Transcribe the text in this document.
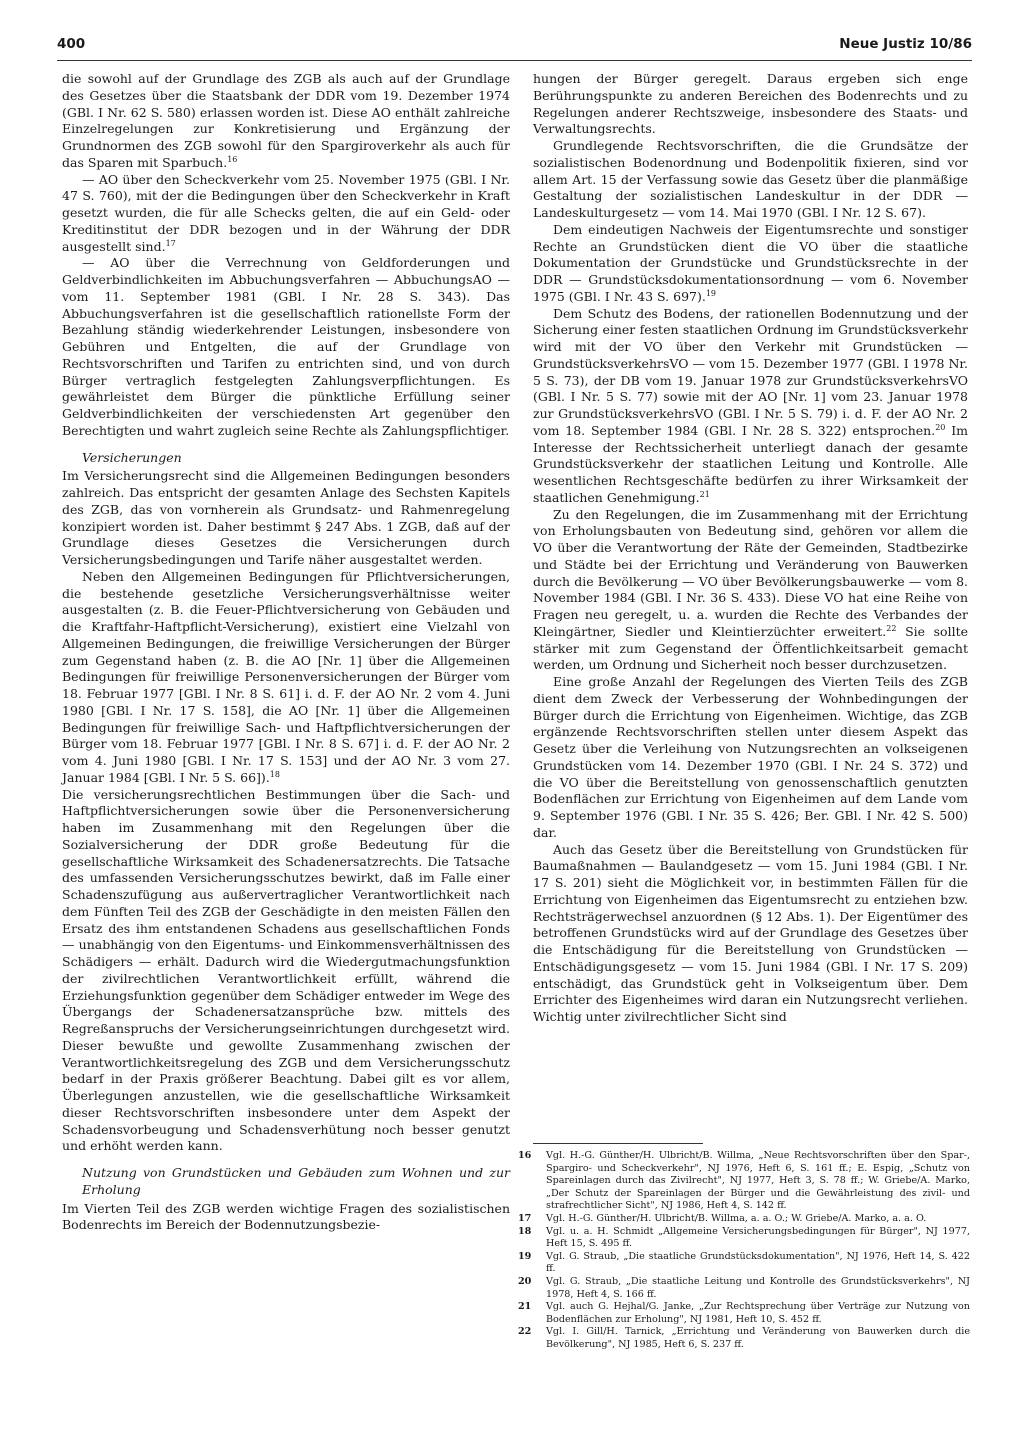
400	Neue Justiz 10/86

die sowohl auf der Grundlage des ZGB als auch auf der Grundlage des Gesetzes über die Staatsbank der DDR vom 19. Dezember 1974 (GBl. I Nr. 62 S. 580) erlassen worden ist. Diese AO enthält zahlreiche Einzelregelungen zur Konkretisierung und Ergänzung der Grundnormen des ZGB sowohl für den Spargiroverkehr als auch für das Sparen mit Sparbuch.$^{16}$

— AO über den Scheckverkehr vom 25. November 1975 (GBl. I Nr. 47 S. 760), mit der die Bedingungen über den Scheckverkehr in Kraft gesetzt wurden, die für alle Schecks gelten, die auf ein Geld- oder Kreditinstitut der DDR bezogen und in der Währung der DDR ausgestellt sind.$^{17}$

— AO über die Verrechnung von Geldforderungen und Geldverbindlichkeiten im Abbuchungsverfahren — AbbuchungsAO — vom 11. September 1981 (GBl. I Nr. 28 S. 343). Das Abbuchungsverfahren ist die gesellschaftlich rationellste Form der Bezahlung ständig wiederkehrender Leistungen, insbesondere von Gebühren und Entgelten, die auf der Grundlage von Rechtsvorschriften und Tarifen zu entrichten sind, und von durch Bürger vertraglich festgelegten Zahlungsverpflichtungen. Es gewährleistet dem Bürger die pünktliche Erfüllung seiner Geldverbindlichkeiten der verschiedensten Art gegenüber den Berechtigten und wahrt zugleich seine Rechte als Zahlungspflichtiger.

Versicherungen

Im Versicherungsrecht sind die Allgemeinen Bedingungen besonders zahlreich. Das entspricht der gesamten Anlage des Sechsten Kapitels des ZGB, das von vornherein als Grundsatz- und Rahmenregelung konzipiert worden ist. Daher bestimmt § 247 Abs. 1 ZGB, daß auf der Grundlage dieses Gesetzes die Versicherungen durch Versicherungsbedingungen und Tarife näher ausgestaltet werden.

Neben den Allgemeinen Bedingungen für Pflichtversicherungen, die bestehende gesetzliche Versicherungsverhältnisse weiter ausgestalten (z. B. die Feuer-Pflichtversicherung von Gebäuden und die Kraftfahr-Haftpflicht-Versicherung), existiert eine Vielzahl von Allgemeinen Bedingungen, die freiwillige Versicherungen der Bürger zum Gegenstand haben (z. B. die AO [Nr. 1] über die Allgemeinen Bedingungen für freiwillige Personenversicherungen der Bürger vom 18. Februar 1977 [GBl. I Nr. 8 S. 61] i. d. F. der AO Nr. 2 vom 4. Juni 1980 [GBl. I Nr. 17 S. 158], die AO [Nr. 1] über die Allgemeinen Bedingungen für freiwillige Sach- und Haftpflichtversicherungen der Bürger vom 18. Februar 1977 [GBl. I Nr. 8 S. 67] i. d. F. der AO Nr. 2 vom 4. Juni 1980 [GBl. I Nr. 17 S. 153] und der AO Nr. 3 vom 27. Januar 1984 [GBl. I Nr. 5 S. 66]).$^{18}$

Die versicherungsrechtlichen Bestimmungen über die Sach- und Haftpflichtversicherungen sowie über die Personenversicherung haben im Zusammenhang mit den Regelungen über die Sozialversicherung der DDR große Bedeutung für die gesellschaftliche Wirksamkeit des Schadenersatzrechts. Die Tatsache des umfassenden Versicherungsschutzes bewirkt, daß im Falle einer Schadenszufügung aus außervertraglicher Verantwortlichkeit nach dem Fünften Teil des ZGB der Geschädigte in den meisten Fällen den Ersatz des ihm entstandenen Schadens aus gesellschaftlichen Fonds — unabhängig von den Eigentums- und Einkommensverhältnissen des Schädigers — erhält. Dadurch wird die Wiedergutmachungsfunktion der zivilrechtlichen Verantwortlichkeit erfüllt, während die Erziehungsfunktion gegenüber dem Schädiger entweder im Wege des Übergangs der Schadenersatzansprüche bzw. mittels des Regreßanspruchs der Versicherungseinrichtungen durchgesetzt wird. Dieser bewußte und gewollte Zusammenhang zwischen der Verantwortlichkeitsregelung des ZGB und dem Versicherungsschutz bedarf in der Praxis größerer Beachtung. Dabei gilt es vor allem, Überlegungen anzustellen, wie die gesellschaftliche Wirksamkeit dieser Rechtsvorschriften insbesondere unter dem Aspekt der Schadensvorbeugung und Schadensverhütung noch besser genutzt und erhöht werden kann.

Nutzung von Grundstücken und Gebäuden zum Wohnen und zur Erholung

Im Vierten Teil des ZGB werden wichtige Fragen des sozialistischen Bodenrechts im Bereich der Bodennutzungsbezie-

hungen der Bürger geregelt. Daraus ergeben sich enge Berührungspunkte zu anderen Bereichen des Bodenrechts und zu Regelungen anderer Rechtszweige, insbesondere des Staats- und Verwaltungsrechts.

Grundlegende Rechtsvorschriften, die die Grundsätze der sozialistischen Bodenordnung und Bodenpolitik fixieren, sind vor allem Art. 15 der Verfassung sowie das Gesetz über die planmäßige Gestaltung der sozialistischen Landeskultur in der DDR — Landeskulturgesetz — vom 14. Mai 1970 (GBl. I Nr. 12 S. 67).

Dem eindeutigen Nachweis der Eigentumsrechte und sonstiger Rechte an Grundstücken dient die VO über die staatliche Dokumentation der Grundstücke und Grundstücksrechte in der DDR — Grundstücksdokumentationsordnung — vom 6. November 1975 (GBl. I Nr. 43 S. 697).$^{19}$

Dem Schutz des Bodens, der rationellen Bodennutzung und der Sicherung einer festen staatlichen Ordnung im Grundstücksverkehr wird mit der VO über den Verkehr mit Grundstücken — GrundstücksverkehrsVO — vom 15. Dezember 1977 (GBl. I 1978 Nr. 5 S. 73), der DB vom 19. Januar 1978 zur GrundstücksverkehrsVO (GBl. I Nr. 5 S. 77) sowie mit der AO [Nr. 1] vom 23. Januar 1978 zur GrundstücksverkehrsVO (GBl. I Nr. 5 S. 79) i. d. F. der AO Nr. 2 vom 18. September 1984 (GBl. I Nr. 28 S. 322) entsprochen.$^{20}$ Im Interesse der Rechtssicherheit unterliegt danach der gesamte Grundstücksverkehr der staatlichen Leitung und Kontrolle. Alle wesentlichen Rechtsgeschäfte bedürfen zu ihrer Wirksamkeit der staatlichen Genehmigung.$^{21}$

Zu den Regelungen, die im Zusammenhang mit der Errichtung von Erholungsbauten von Bedeutung sind, gehören vor allem die VO über die Verantwortung der Räte der Gemeinden, Stadtbezirke und Städte bei der Errichtung und Veränderung von Bauwerken durch die Bevölkerung — VO über Bevölkerungsbauwerke — vom 8. November 1984 (GBl. I Nr. 36 S. 433). Diese VO hat eine Reihe von Fragen neu geregelt, u. a. wurden die Rechte des Verbandes der Kleingärtner, Siedler und Kleintierzüchter erweitert.$^{22}$ Sie sollte stärker mit zum Gegenstand der Öffentlichkeitsarbeit gemacht werden, um Ordnung und Sicherheit noch besser durchzusetzen.

Eine große Anzahl der Regelungen des Vierten Teils des ZGB dient dem Zweck der Verbesserung der Wohnbedingungen der Bürger durch die Errichtung von Eigenheimen. Wichtige, das ZGB ergänzende Rechtsvorschriften stellen unter diesem Aspekt das Gesetz über die Verleihung von Nutzungsrechten an volkseigenen Grundstücken vom 14. Dezember 1970 (GBl. I Nr. 24 S. 372) und die VO über die Bereitstellung von genossenschaftlich genutzten Bodenflächen zur Errichtung von Eigenheimen auf dem Lande vom 9. September 1976 (GBl. I Nr. 35 S. 426; Ber. GBl. I Nr. 42 S. 500) dar.

Auch das Gesetz über die Bereitstellung von Grundstücken für Baumaßnahmen — Baulandgesetz — vom 15. Juni 1984 (GBl. I Nr. 17 S. 201) sieht die Möglichkeit vor, in bestimmten Fällen für die Errichtung von Eigenheimen das Eigentumsrecht zu entziehen bzw. Rechtsträgerwechsel anzuordnen (§ 12 Abs. 1). Der Eigentümer des betroffenen Grundstücks wird auf der Grundlage des Gesetzes über die Entschädigung für die Bereitstellung von Grundstücken — Entschädigungsgesetz — vom 15. Juni 1984 (GBl. I Nr. 17 S. 209) entschädigt, das Grundstück geht in Volkseigentum über. Dem Errichter des Eigenheimes wird daran ein Nutzungsrecht verliehen. Wichtig unter zivilrechtlicher Sicht sind

16 Vgl. H.-G. Günther/H. Ulbricht/B. Willma, „Neue Rechtsvorschriften über den Spar-, Spargiro- und Scheckverkehr", NJ 1976, Heft 6, S. 161 ff.; E. Espig, „Schutz von Spareinlagen durch das Zivilrecht", NJ 1977, Heft 3, S. 78 ff.; W. Griebe/A. Marko, „Der Schutz der Spareinlagen der Bürger und die Gewährleistung des zivil- und strafrechtlicher Sicht", NJ 1986, Heft 4, S. 142 ff.

17 Vgl. H.-G. Günther/H. Ulbricht/B. Willma, a. a. O.; W. Griebe/A. Marko, a. a. O.

18 Vgl. u. a. H. Schmidt „Allgemeine Versicherungsbedingungen für Bürger", NJ 1977, Heft 15, S. 495 ff.

19 Vgl. G. Straub, „Die staatliche Grundstücksdokumentation", NJ 1976, Heft 14, S. 422 ff.

20 Vgl. G. Straub, „Die staatliche Leitung und Kontrolle des Grundstücksverkehrs", NJ 1978, Heft 4, S. 166 ff.

21 Vgl. auch G. Hejhal/G. Janke, „Zur Rechtsprechung über Verträge zur Nutzung von Bodenflächen zur Erholung", NJ 1981, Heft 10, S. 452 ff.

22 Vgl. I. Gill/H. Tarnick, „Errichtung und Veränderung von Bauwerken durch die Bevölkerung", NJ 1985, Heft 6, S. 237 ff.
